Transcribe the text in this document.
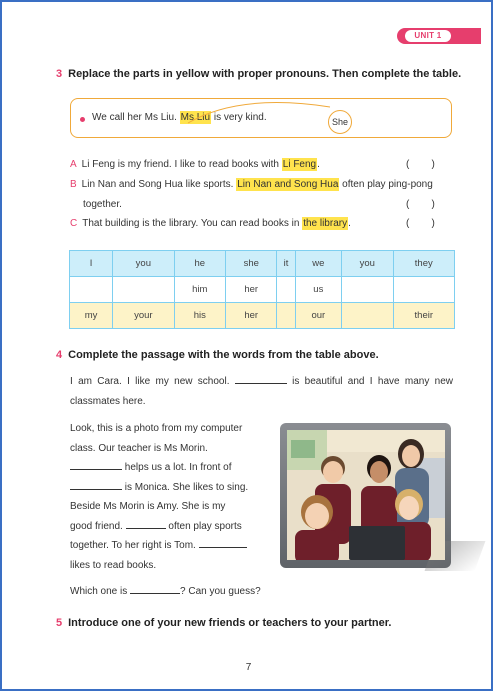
UNIT 1
3 Replace the parts in yellow with proper pronouns. Then complete the table.
We call her Ms Liu. Ms Liu is very kind.	She
A Li Feng is my friend. I like to read books with Li Feng.	(        )
B Lin Nan and Song Hua like sports. Lin Nan and Song Hua often play ping-pong
together.	(        )
C That building is the library. You can read books in the library.	(        )
I	you	he	she	it	we	you	they
		him	her		us		
my	your	his	her		our		their
4 Complete the passage with the words from the table above.
I am Cara. I like my new school.	is beautiful and I have many new classmates here.
Look, this is a photo from my computer
class. Our teacher is Ms Morin.
helps us a lot. In front of
is Monica. She likes to sing.
Beside Ms Morin is Amy. She is my
good friend.	often play sports
together. To her right is Tom.
likes to read books.
Which one is	? Can you guess?
5 Introduce one of your new friends or teachers to your partner.
7
